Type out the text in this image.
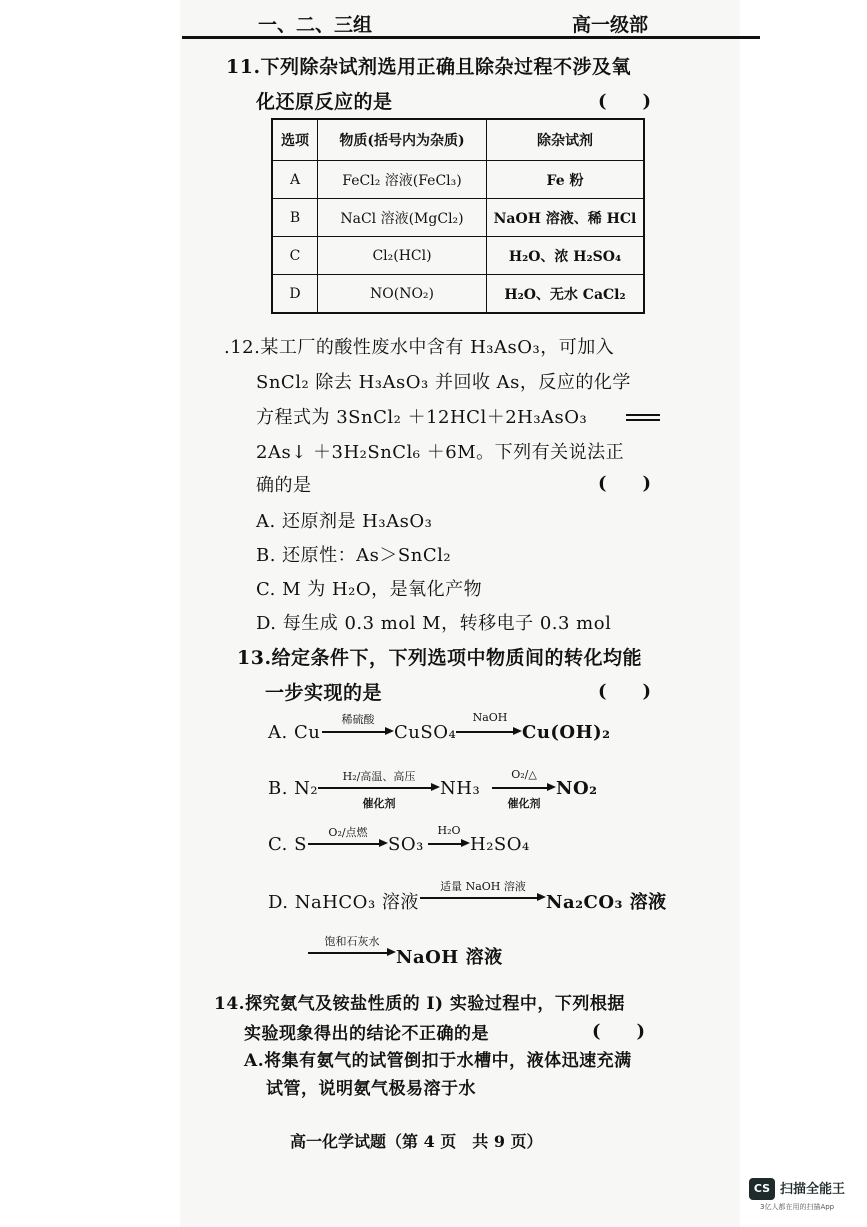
一、二、三组	高一级部
11.下列除杂试剂选用正确且除杂过程不涉及氧
化还原反应的是	(　　)
选项	物质(括号内为杂质)	除杂试剂
A	FeCl₂ 溶液(FeCl₃)	Fe 粉
B	NaCl 溶液(MgCl₂)	NaOH 溶液、稀 HCl
C	Cl₂(HCl)	H₂O、浓 H₂SO₄
D	NO(NO₂)	H₂O、无水 CaCl₂
.12.某工厂的酸性废水中含有 H₃AsO₃，可加入
SnCl₂ 除去 H₃AsO₃ 并回收 As，反应的化学
方程式为 3SnCl₂ ＋12HCl＋2H₃AsO₃
2As↓ ＋3H₂SnCl₆ ＋6M。下列有关说法正
确的是	(　　)
A. 还原剂是 H₃AsO₃
B. 还原性：As＞SnCl₂
C. M 为 H₂O，是氧化产物
D. 每生成 0.3 mol M，转移电子 0.3 mol
13.给定条件下，下列选项中物质间的转化均能
一步实现的是	(　　)
A. Cu
稀硫酸
CuSO₄
NaOH
Cu(OH)₂
B. N₂
H₂/高温、高压
催化剂
NH₃
O₂/△
催化剂
NO₂
C. S
O₂/点燃
SO₃
H₂O
H₂SO₄
D. NaHCO₃ 溶液
适量 NaOH 溶液
Na₂CO₃ 溶液
饱和石灰水
NaOH 溶液
14.探究氨气及铵盐性质的 I) 实验过程中，下列根据
实验现象得出的结论不正确的是	(　　)
A.将集有氨气的试管倒扣于水槽中，液体迅速充满
试管，说明氨气极易溶于水
高一化学试题（第 4 页　共 9 页）
CS 扫描全能王
3亿人都在用的扫描App
